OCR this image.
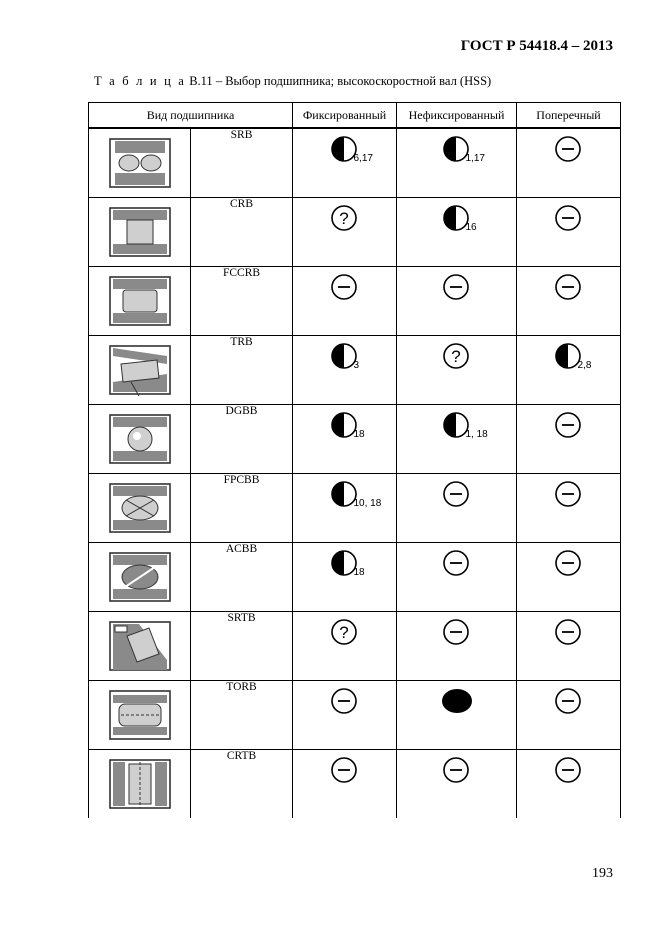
ГОСТ Р 54418.4 – 2013
Т а б л и ц а В.11 – Выбор подшипника; высокоскоростной вал (HSS)
Вид подшипника		Фиксированный	Нефиксированный	Поперечный

	SRB	6,17	1,17

	CRB	?	16

	FCCRB	

	TRB	3	?	2,8

	DGBB	18	1, 18

	FPCBB	10, 18

	ACBB	18

	SRTB	?

	TORB	

	CRTB	

193
